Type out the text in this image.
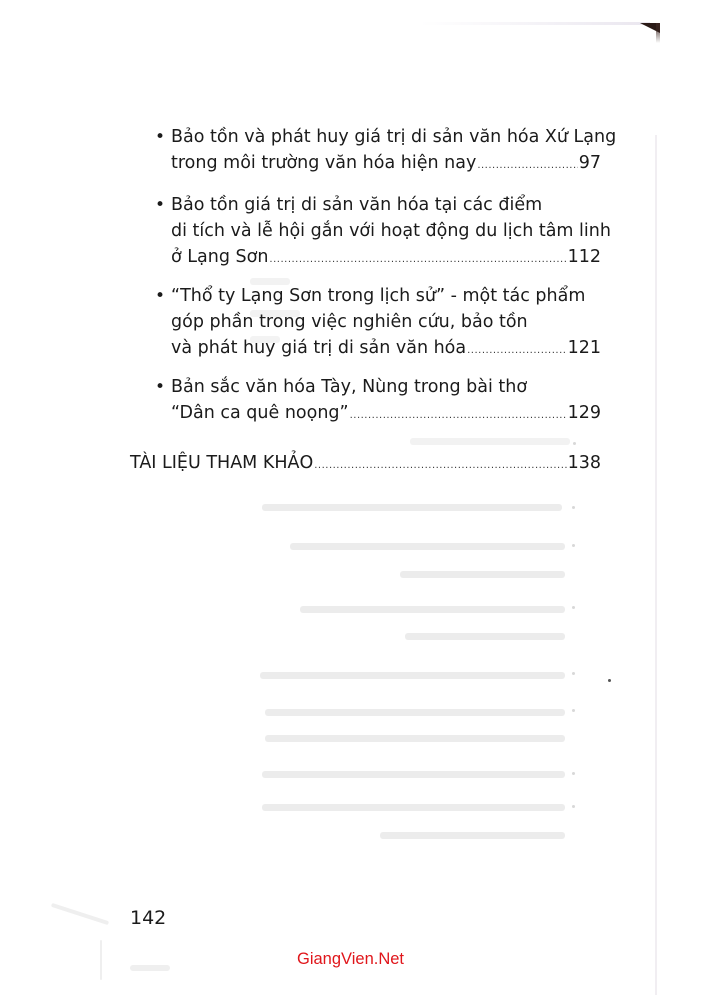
• Bảo tồn và phát huy giá trị di sản văn hóa Xứ Lạng
trong môi trường văn hóa hiện nay .....	97
• Bảo tồn giá trị di sản văn hóa tại các điểm
di tích và lễ hội gắn với hoạt động du lịch tâm linh
ở Lạng Sơn .....	112
• “Thổ ty Lạng Sơn trong lịch sử” - một tác phẩm
góp phần trong việc nghiên cứu, bảo tồn
và phát huy giá trị di sản văn hóa .....	121
• Bản sắc văn hóa Tày, Nùng trong bài thơ
“Dân ca quê noọng” .....	129
TÀI LIỆU THAM KHẢO .....	138
142
GiangVien.Net
